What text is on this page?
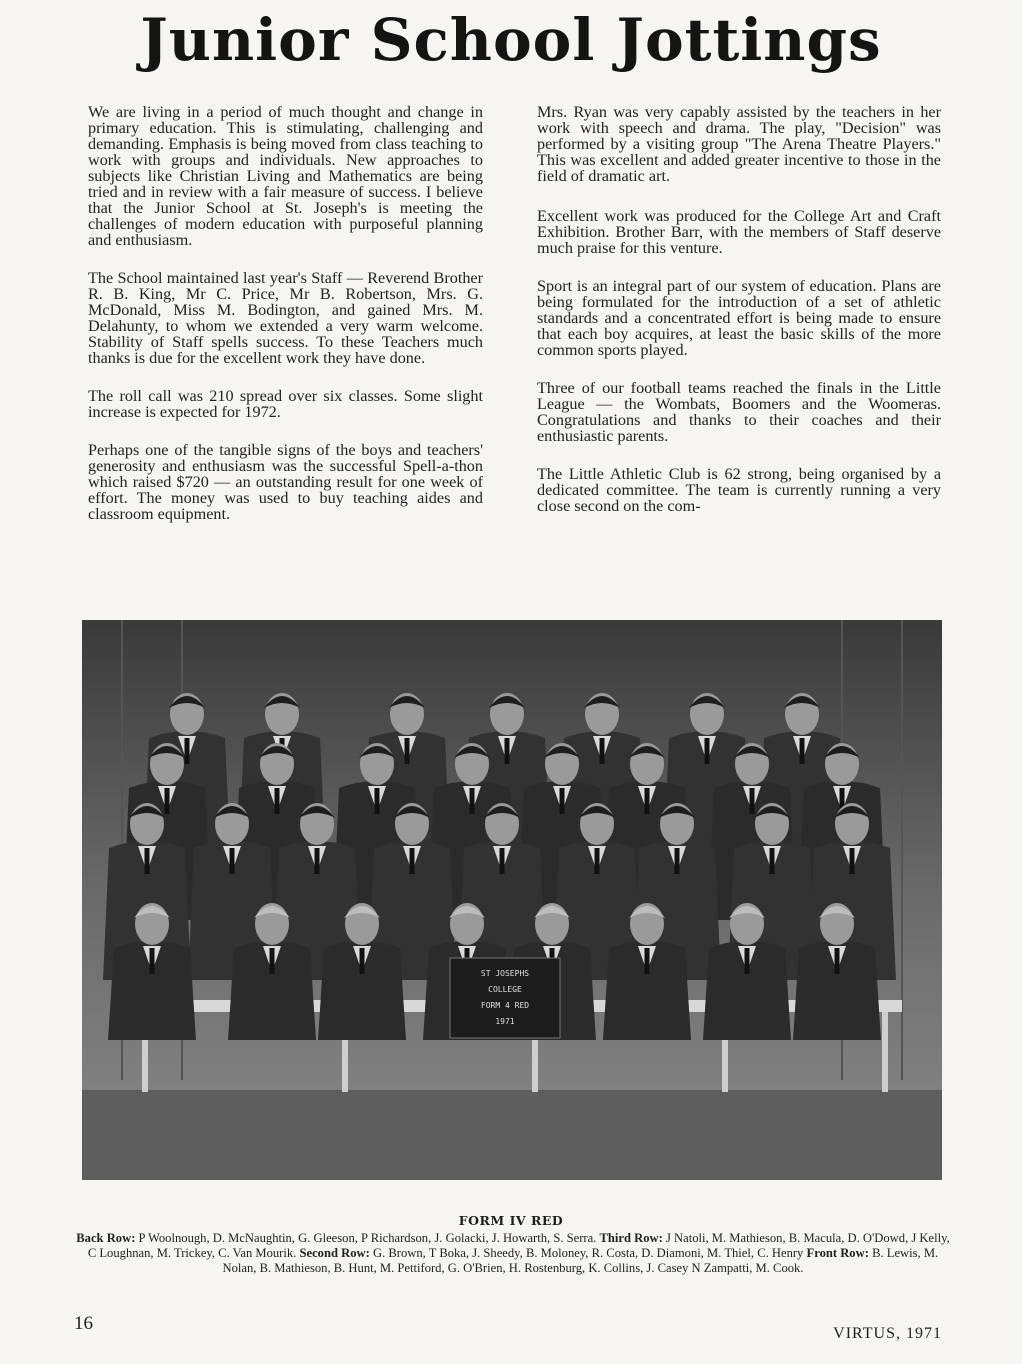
Junior School Jottings

We are living in a period of much thought and change in primary education. This is stimulating, challenging and demanding. Emphasis is being moved from class teaching to work with groups and individuals. New approaches to subjects like Christian Living and Mathematics are being tried and in review with a fair measure of success. I believe that the Junior School at St. Joseph's is meeting the challenges of modern education with purposeful planning and enthusiasm.

The School maintained last year's Staff — Reverend Brother R. B. King, Mr C. Price, Mr B. Robertson, Mrs. G. McDonald, Miss M. Bodington, and gained Mrs. M. Delahunty, to whom we extended a very warm welcome. Stability of Staff spells success. To these Teachers much thanks is due for the excellent work they have done.

The roll call was 210 spread over six classes. Some slight increase is expected for 1972.

Perhaps one of the tangible signs of the boys and teachers' generosity and enthusiasm was the successful Spell-a-thon which raised $720 — an outstanding result for one week of effort. The money was used to buy teaching aides and classroom equipment.

Mrs. Ryan was very capably assisted by the teachers in her work with speech and drama. The play, "Decision" was performed by a visiting group "The Arena Theatre Players." This was excellent and added greater incentive to those in the field of dramatic art.

Excellent work was produced for the College Art and Craft Exhibition. Brother Barr, with the members of Staff deserve much praise for this venture.

Sport is an integral part of our system of education. Plans are being formulated for the introduction of a set of athletic standards and a concentrated effort is being made to ensure that each boy acquires, at least the basic skills of the more common sports played.

Three of our football teams reached the finals in the Little League — the Wombats, Boomers and the Woomeras. Congratulations and thanks to their coaches and their enthusiastic parents.

The Little Athletic Club is 62 strong, being organised by a dedicated committee. The team is currently running a very close second on the com-

ST JOSEPHS
COLLEGE
FORM 4 RED
1971
FORM IV RED
Back Row: P Woolnough, D. McNaughtin, G. Gleeson, P Richardson, J. Golacki, J. Howarth, S. Serra. Third Row: J Natoli, M. Mathieson, B. Macula, D. O'Dowd, J Kelly, C Loughnan, M. Trickey, C. Van Mourik. Second Row: G. Brown, T Boka, J. Sheedy, B. Moloney, R. Costa, D. Diamoni, M. Thiel, C. Henry Front Row: B. Lewis, M. Nolan, B. Mathieson, B. Hunt, M. Pettiford, G. O'Brien, H. Rostenburg, K. Collins, J. Casey N Zampatti, M. Cook.
16	VIRTUS, 1971
